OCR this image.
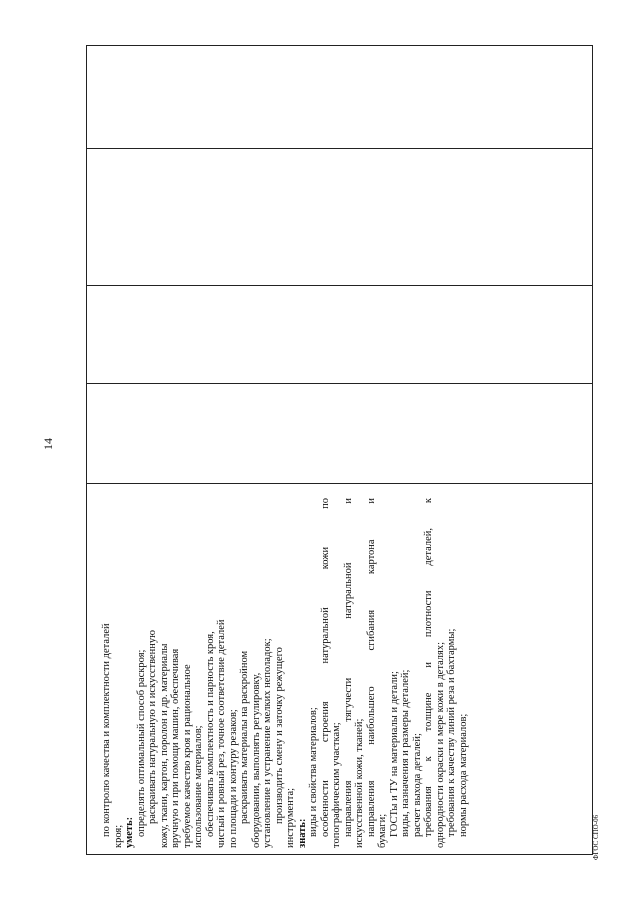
14
по контролю качества и комплектности деталей кроя; уметь: определять оптимальный способ раскроя; раскраивать натуральную и искусственную кожу, ткани, картон, поролон и др. материалы вручную и при помощи машин, обеспечивая требуемое качество кроя и рациональное использование материалов; обеспечивать комплектность и парность кроя, чистый и ровный рез, точное соответствие деталей по площади и контуру резаков; раскраивать материалы на раскройном оборудовании, выполнять регулировку, установление и устранение мелких неполадок; производить смену и заточку режущего инструмента; знать: виды и свойства материалов; особенности строения натуральной кожи по топографическим участкам; направления тягучести натуральной и искусственной кожи, тканей; направления наибольшего сгибания картона и бумаги; ГОСТы и ТУ на материалы и детали; виды, назначения и размеры деталей; расчет выхода деталей; требования к толщине и плотности деталей, к однородности окраски и мере кожи в деталях; требования к качеству линий реза и бахтармы; нормы расхода материалов;
ФГОС СПО-06
